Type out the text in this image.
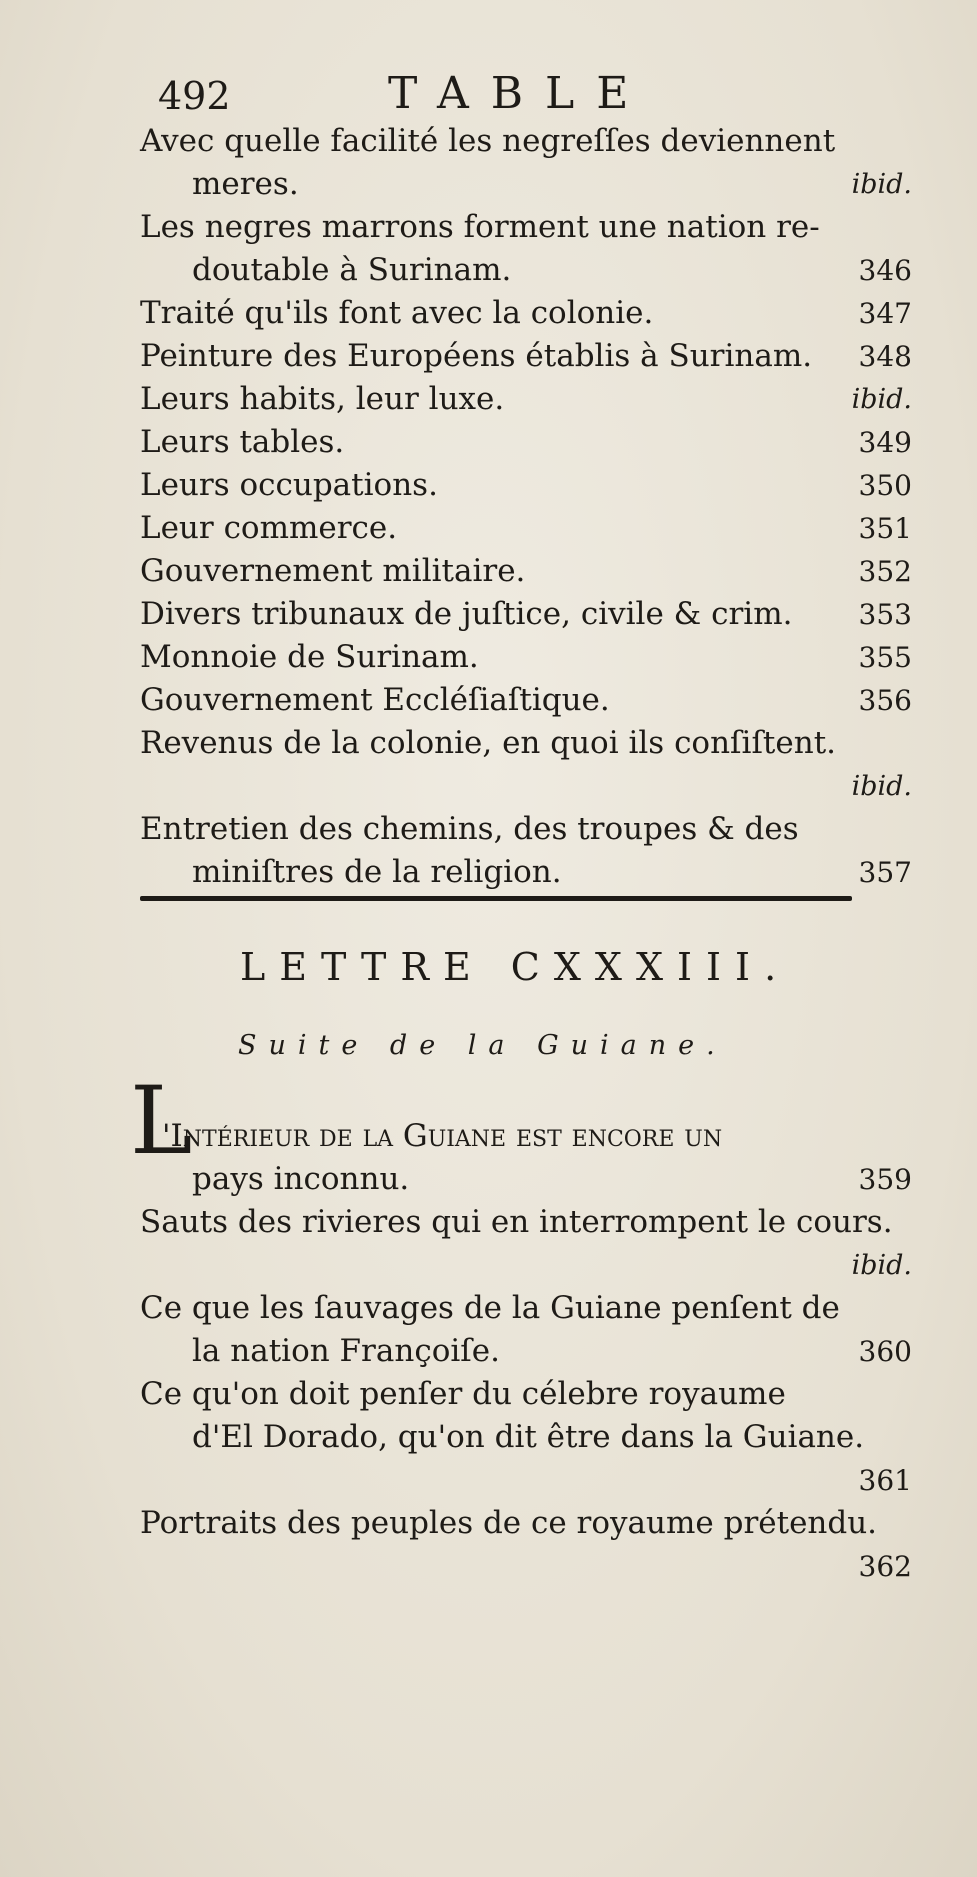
492	TABLE
Avec quelle facilité les negreſſes deviennent
meres.	ibid.
Les negres marrons forment une nation re-
doutable à Surinam.	346
Traité qu'ils font avec la colonie.	347
Peinture des Européens établis à Surinam. 348
Leurs habits, leur luxe.	ibid.
Leurs tables.	349
Leurs occupations.	350
Leur commerce.	351
Gouvernement militaire.	352
Divers tribunaux de juſtice, civile & crim. 353
Monnoie de Surinam.	355
Gouvernement Eccléſiaſtique.	356
Revenus de la colonie, en quoi ils conſiſtent.
ibid.
Entretien des chemins, des troupes & des
miniſtres de la religion.	357
LETTRE CXXXIII.
Suite de la Guiane.
L
'Intérieur de la Guiane eſt encore un
pays inconnu.	359
Sauts des rivieres qui en interrompent le cours.
ibid.
Ce que les ſauvages de la Guiane penſent de
la nation Françoiſe.	360
Ce qu'on doit penſer du célebre royaume
d'El Dorado, qu'on dit être dans la Guiane.
361
Portraits des peuples de ce royaume prétendu.
362
